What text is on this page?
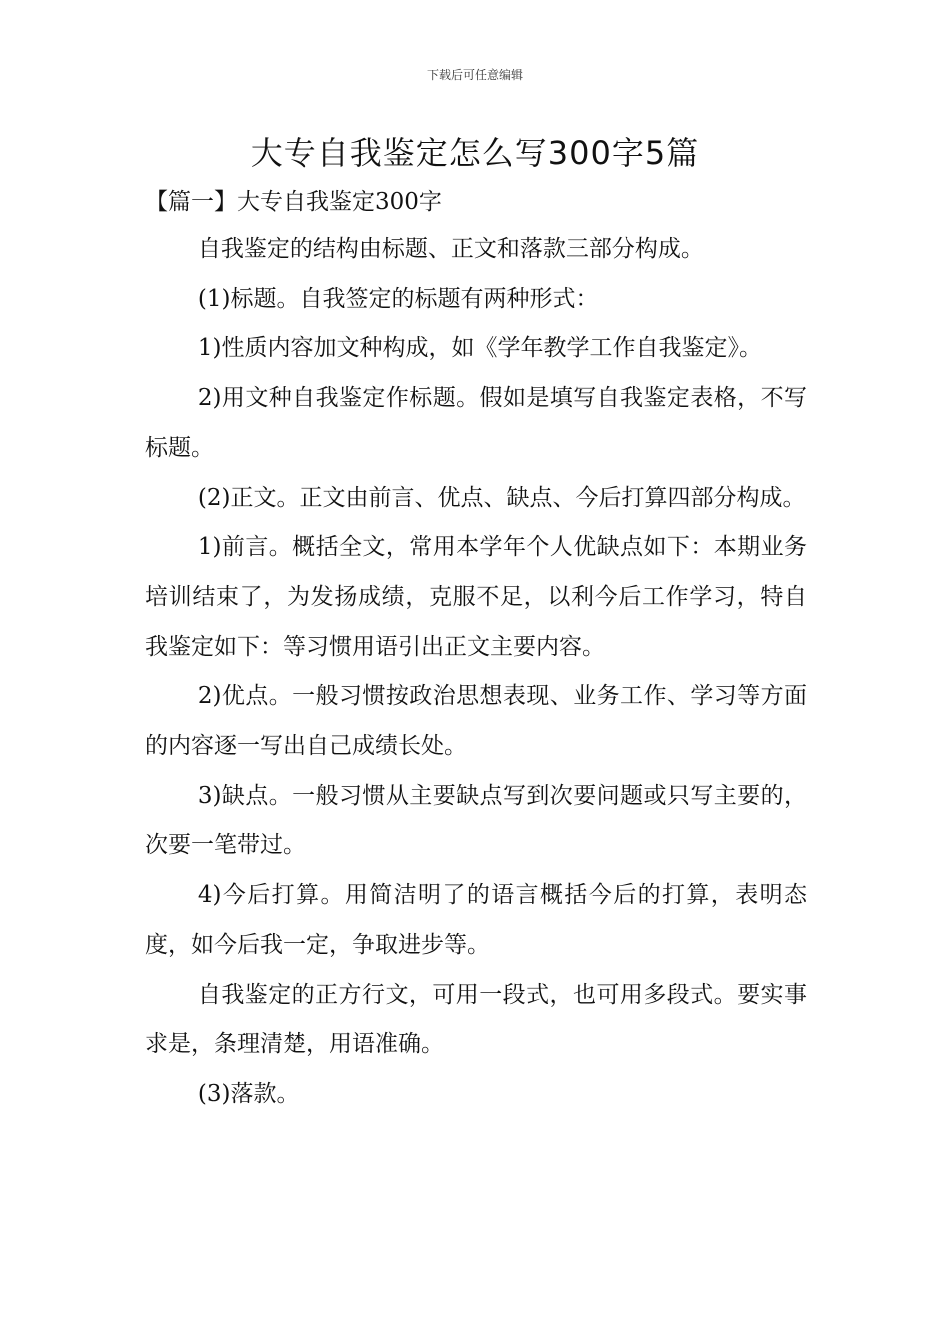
下载后可任意编辑
大专自我鉴定怎么写300字5篇
【篇一】大专自我鉴定300字

自我鉴定的结构由标题、正文和落款三部分构成。

(1)标题。自我签定的标题有两种形式：

1)性质内容加文种构成，如《学年教学工作自我鉴定》。

2)用文种自我鉴定作标题。假如是填写自我鉴定表格，不写标题。

(2)正文。正文由前言、优点、缺点、今后打算四部分构成。

1)前言。概括全文，常用本学年个人优缺点如下：本期业务培训结束了，为发扬成绩，克服不足，以利今后工作学习，特自我鉴定如下：等习惯用语引出正文主要内容。

2)优点。一般习惯按政治思想表现、业务工作、学习等方面的内容逐一写出自己成绩长处。

3)缺点。一般习惯从主要缺点写到次要问题或只写主要的，次要一笔带过。

4)今后打算。用简洁明了的语言概括今后的打算，表明态度，如今后我一定，争取进步等。

自我鉴定的正方行文，可用一段式，也可用多段式。要实事求是，条理清楚，用语准确。

(3)落款。
